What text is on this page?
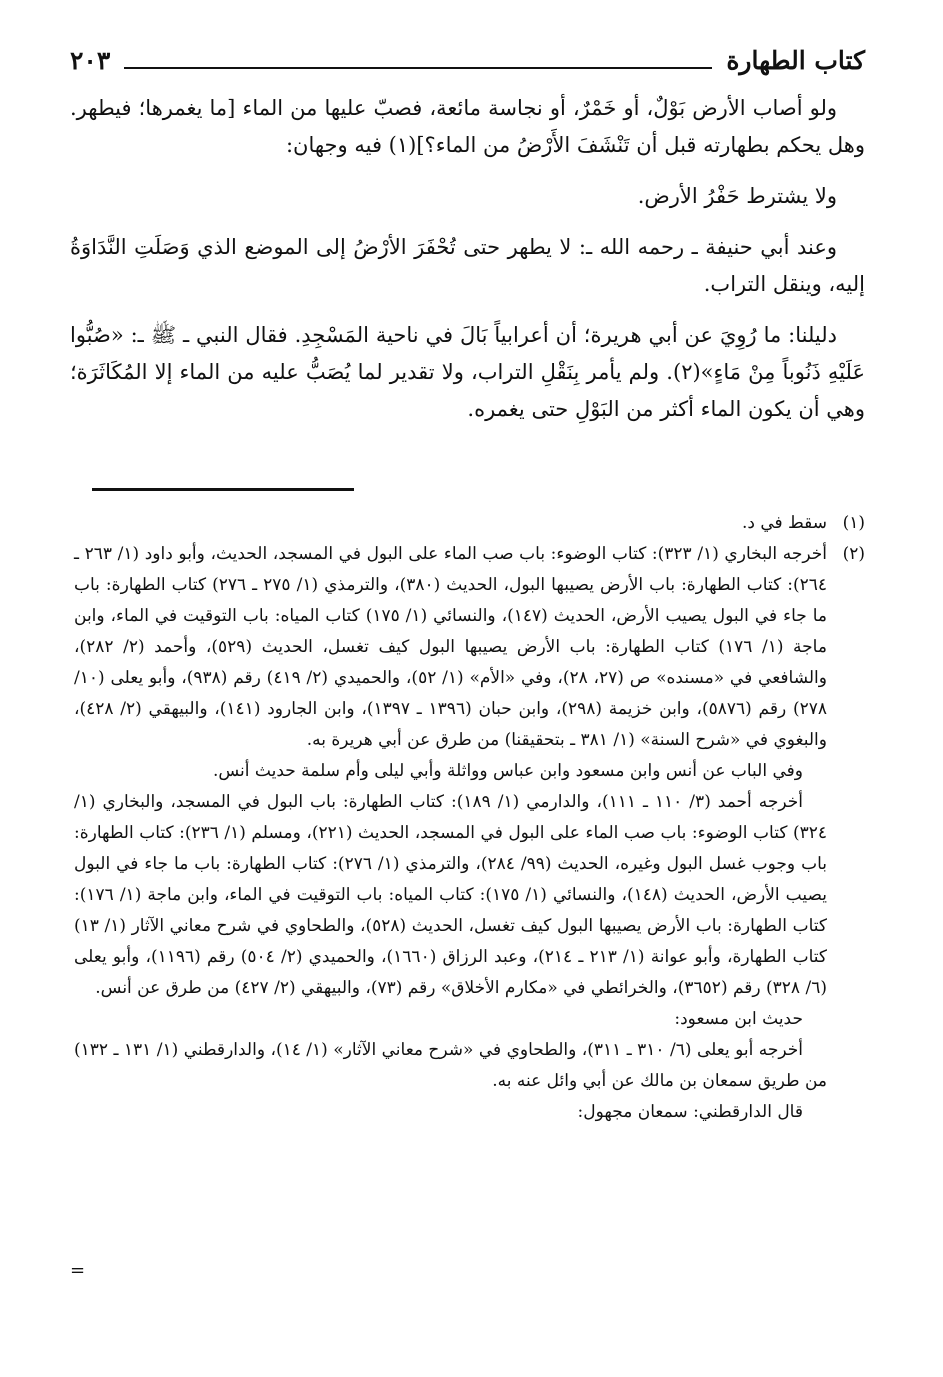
كتاب الطهارة
٢٠٣

ولو أصاب الأرض بَوْلٌ، أو خَمْرٌ، أو نجاسة مائعة، فصبّ عليها من الماء [ما يغمرها؛ فيطهر. وهل يحكم بطهارته قبل أن تَنْشَفَ الأَرْضُ من الماء؟](١) فيه وجهان:

ولا يشترط حَفْرُ الأرض.

وعند أبي حنيفة ـ رحمه الله ـ: لا يطهر حتى تُحْفَرَ الأرْضُ إلى الموضع الذي وَصَلَتِ النَّدَاوَةُ إليه، وينقل التراب.

دليلنا: ما رُوِيَ عن أبي هريرة؛ أن أعرابياً بَالَ في ناحية المَسْجِدِ. فقال النبي ـ ﷺ ـ: «صُبُّوا عَلَيْهِ ذَنُوباً مِنْ مَاءٍ»(٢). ولم يأمر بِنَقْلِ التراب، ولا تقدير لما يُصَبُّ عليه من الماء إلا المُكَاثَرَة؛ وهي أن يكون الماء أكثر من البَوْلِ حتى يغمره.

(١)
سقط في د.
(٢)
أخرجه البخاري (١/ ٣٢٣): كتاب الوضوء: باب صب الماء على البول في المسجد، الحديث، وأبو داود (١/ ٢٦٣ ـ ٢٦٤): كتاب الطهارة: باب الأرض يصيبها البول، الحديث (٣٨٠)، والترمذي (١/ ٢٧٥ ـ ٢٧٦) كتاب الطهارة: باب ما جاء في البول يصيب الأرض، الحديث (١٤٧)، والنسائي (١/ ١٧٥) كتاب المياه: باب التوقيت في الماء، وابن ماجة (١/ ١٧٦) كتاب الطهارة: باب الأرض يصيبها البول كيف تغسل، الحديث (٥٢٩)، وأحمد (٢/ ٢٨٢)، والشافعي في «مسنده» ص (٢٧، ٢٨)، وفي «الأم» (١/ ٥٢)، والحميدي (٢/ ٤١٩) رقم (٩٣٨)، وأبو يعلى (١٠/ ٢٧٨) رقم (٥٨٧٦)، وابن خزيمة (٢٩٨)، وابن حبان (١٣٩٦ ـ ١٣٩٧)، وابن الجارود (١٤١)، والبيهقي (٢/ ٤٢٨)، والبغوي في «شرح السنة» (١/ ٣٨١ ـ بتحقيقنا) من طرق عن أبي هريرة به.

وفي الباب عن أنس وابن مسعود وابن عباس وواثلة وأبي ليلى وأم سلمة حديث أنس.

أخرجه أحمد (٣/ ١١٠ ـ ١١١)، والدارمي (١/ ١٨٩): كتاب الطهارة: باب البول في المسجد، والبخاري (١/ ٣٢٤) كتاب الوضوء: باب صب الماء على البول في المسجد، الحديث (٢٢١)، ومسلم (١/ ٢٣٦): كتاب الطهارة: باب وجوب غسل البول وغيره، الحديث (٩٩/ ٢٨٤)، والترمذي (١/ ٢٧٦): كتاب الطهارة: باب ما جاء في البول يصيب الأرض، الحديث (١٤٨)، والنسائي (١/ ١٧٥): كتاب المياه: باب التوقيت في الماء، وابن ماجة (١/ ١٧٦): كتاب الطهارة: باب الأرض يصيبها البول كيف تغسل، الحديث (٥٢٨)، والطحاوي في شرح معاني الآثار (١/ ١٣) كتاب الطهارة، وأبو عوانة (١/ ٢١٣ ـ ٢١٤)، وعبد الرزاق (١٦٦٠)، والحميدي (٢/ ٥٠٤) رقم (١١٩٦)، وأبو يعلى (٦/ ٣٢٨) رقم (٣٦٥٢)، والخرائطي في «مكارم الأخلاق» رقم (٧٣)، والبيهقي (٢/ ٤٢٧) من طرق عن أنس.

حديث ابن مسعود:

أخرجه أبو يعلى (٦/ ٣١٠ ـ ٣١١)، والطحاوي في «شرح معاني الآثار» (١/ ١٤)، والدارقطني (١/ ١٣١ ـ ١٣٢) من طريق سمعان بن مالك عن أبي وائل عنه به.

قال الدارقطني: سمعان مجهول:

=
